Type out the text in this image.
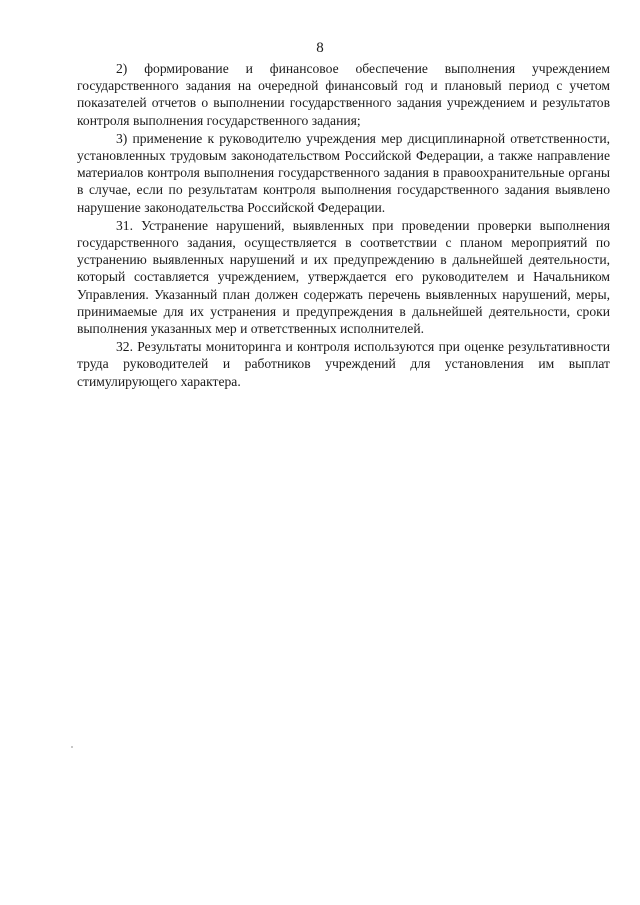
8

2) формирование и финансовое обеспечение выполнения учреждением государственного задания на очередной финансовый год и плановый период с учетом показателей отчетов о выполнении государственного задания учреждением и результатов контроля выполнения государственного задания;

3) применение к руководителю учреждения мер дисциплинарной ответственности, установленных трудовым законодательством Российской Федерации, а также направление материалов контроля выполнения государственного задания в правоохранительные органы в случае, если по результатам контроля выполнения государственного задания выявлено нарушение законодательства Российской Федерации.

31. Устранение нарушений, выявленных при проведении проверки выполнения государственного задания, осуществляется в соответствии с планом мероприятий по устранению выявленных нарушений и их предупреждению в дальнейшей деятельности, который составляется учреждением, утверждается его руководителем и Начальником Управления. Указанный план должен содержать перечень выявленных нарушений, меры, принимаемые для их устранения и предупреждения в дальнейшей деятельности, сроки выполнения указанных мер и ответственных исполнителей.

32. Результаты мониторинга и контроля используются при оценке результативности труда руководителей и работников учреждений для установления им выплат стимулирующего характера.
